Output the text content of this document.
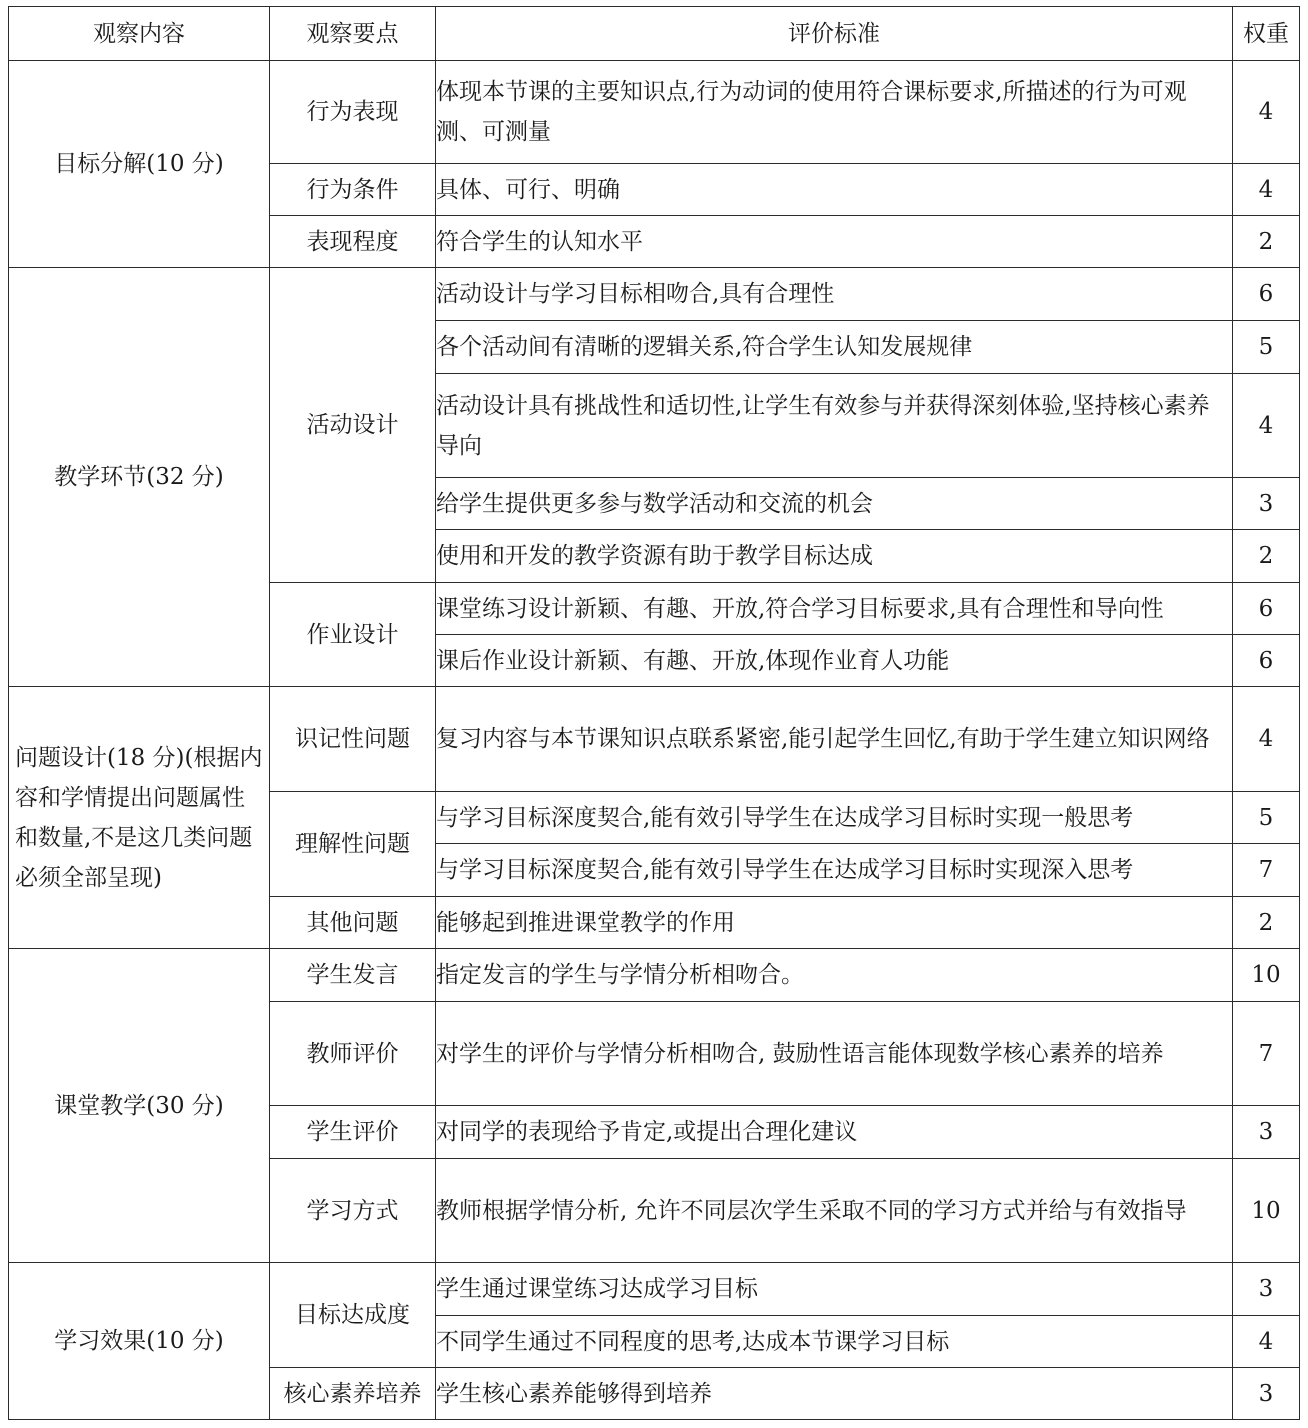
观察内容	观察要点	评价标准	权重
目标分解(10 分)	行为表现	体现本节课的主要知识点,行为动词的使用符合课标要求,所描述的行为可观测、可测量	4
	行为条件	具体、可行、明确	4
	表现程度	符合学生的认知水平	2
教学环节(32 分)	活动设计	活动设计与学习目标相吻合,具有合理性	6
		各个活动间有清晰的逻辑关系,符合学生认知发展规律	5
		活动设计具有挑战性和适切性,让学生有效参与并获得深刻体验,坚持核心素养导向	4
		给学生提供更多参与数学活动和交流的机会	3
		使用和开发的教学资源有助于教学目标达成	2
	作业设计	课堂练习设计新颖、有趣、开放,符合学习目标要求,具有合理性和导向性	6
		课后作业设计新颖、有趣、开放,体现作业育人功能	6
问题设计(18 分)(根据内容和学情提出问题属性和数量,不是这几类问题必须全部呈现)	识记性问题	复习内容与本节课知识点联系紧密,能引起学生回忆,有助于学生建立知识网络	4
	理解性问题	与学习目标深度契合,能有效引导学生在达成学习目标时实现一般思考	5
		与学习目标深度契合,能有效引导学生在达成学习目标时实现深入思考	7
	其他问题	能够起到推进课堂教学的作用	2
课堂教学(30 分)	学生发言	指定发言的学生与学情分析相吻合。	10
	教师评价	对学生的评价与学情分析相吻合, 鼓励性语言能体现数学核心素养的培养	7
	学生评价	对同学的表现给予肯定,或提出合理化建议	3
	学习方式	教师根据学情分析, 允许不同层次学生采取不同的学习方式并给与有效指导	10
学习效果(10 分)	目标达成度	学生通过课堂练习达成学习目标	3
		不同学生通过不同程度的思考,达成本节课学习目标	4
	核心素养培养	学生核心素养能够得到培养	3
